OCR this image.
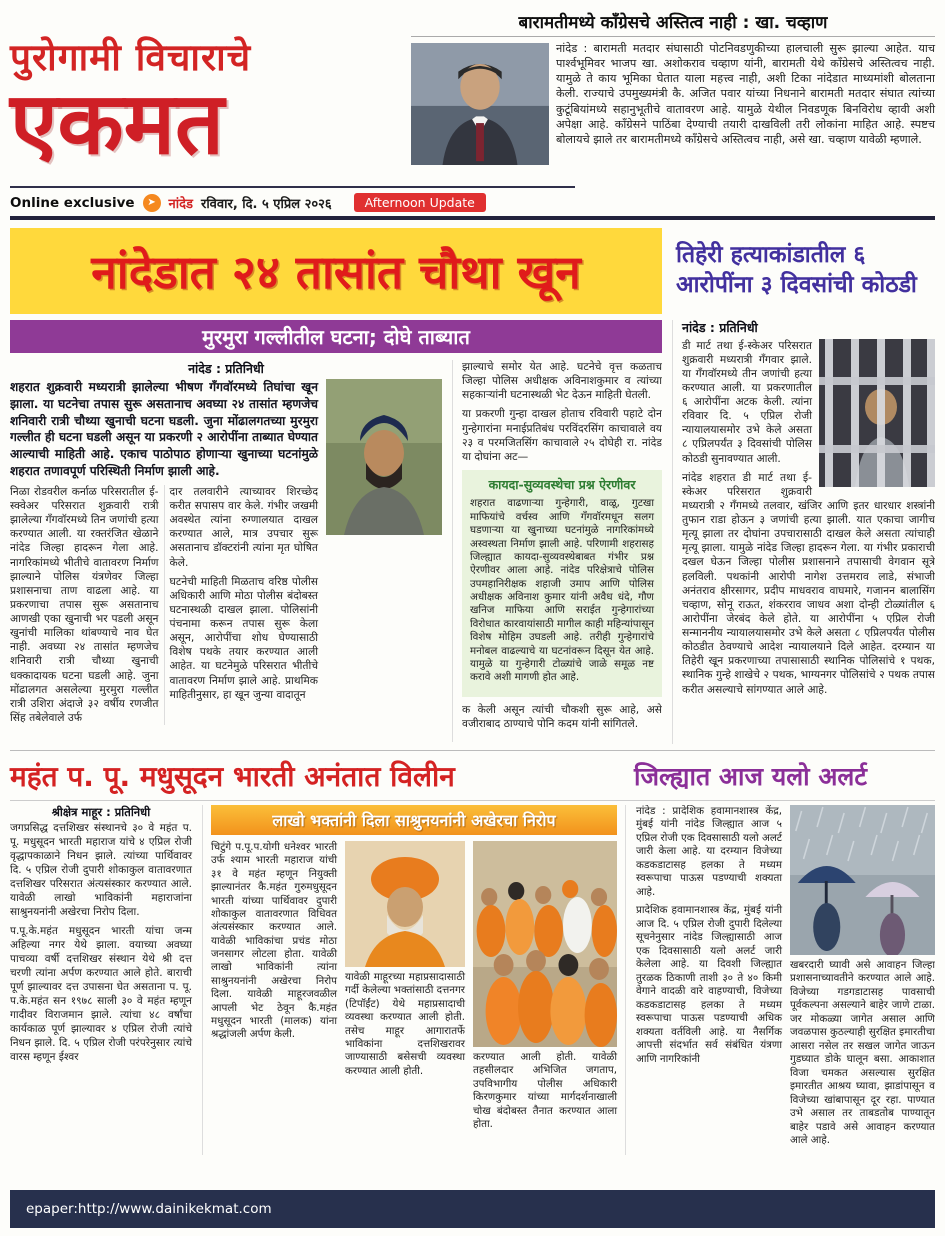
पुरोगामी विचाराचे
एकमत
बारामतीमध्ये कॉंग्रेसचे अस्तित्व नाही : खा. चव्हाण

नांदेड : बारामती मतदार संघासाठी पोटनिवडणुकीच्या हालचाली सुरू झाल्या आहेत. याच पार्श्वभूमिवर भाजप खा. अशोकराव चव्हाण यांनी, बारामती येथे कॉंग्रेसचे अस्तित्वच नाही. यामुळे ते काय भूमिका घेतात याला महत्त्व नाही, अशी टिका नांदेडात माध्यमांशी बोलताना केली. राज्याचे उपमुख्यमंत्री कै. अजित पवार यांच्या निधनाने बारामती मतदार संघात त्यांच्या कुटूंबियांमध्ये सहानुभूतीचे वातावरण आहे. यामुळे येथील निवडणूक बिनविरोध व्हावी अशी अपेक्षा आहे. कॉंग्रेसने पाठिंबा देण्याची तयारी दाखविली तरी लोकांना माहित आहे. स्पष्टच बोलायचे झाले तर बारामतीमध्ये कॉंग्रेसचे अस्तित्वच नाही, असे खा. चव्हाण यावेळी म्हणाले.

Online exclusive	➤ नांदेड रविवार, दि. ५ एप्रिल २०२६	Afternoon Update
नांदेडात २४ तासांत चौथा खून	तिहेरी हत्याकांडातील ६
आरोपींना ३ दिवसांची कोठडी
मुरमुरा गल्लीतील घटना; दोघे ताब्यात
नांदेड : प्रतिनिधी
शहरात शुक्रवारी मध्यरात्री झालेल्या भीषण गँगवॉरमध्ये तिघांचा खून झाला. या घटनेचा तपास सुरू असतानाच अवघ्या २४ तासांत म्हणजेच शनिवारी रात्री चौथ्या खुनाची घटना घडली. जुना मोंढालगतच्या मुरमुरा गल्लीत ही घटना घडली असून या प्रकरणी २ आरोपींना ताब्यात घेण्यात आल्याची माहिती आहे. एकाच पाठोपाठ होणाऱ्या खुनाच्या घटनांमुळे शहरात तणावपूर्ण परिस्थिती निर्माण झाली आहे.

निळा रोडवरील कर्नाळ परिसरातील ई-स्क्वेअर परिसरात शुक्रवारी रात्री झालेल्या गँगवॉरमध्ये तिन जणांची हत्या करण्यात आली. या रक्तरंजित खेळाने नांदेड जिल्हा हादरून गेला आहे. नागरिकांमध्ये भीतीचे वातावरण निर्माण झाल्याने पोलिस यंत्रणेवर जिल्हा प्रशासनाचा ताण वाढला आहे. या प्रकरणाचा तपास सुरू असतानाच आणखी एका खुनाची भर पडली असून खुनांची मालिका थांबण्याचे नाव घेत नाही. अवघ्या २४ तासांत म्हणजेच शनिवारी रात्री चौथ्या खुनाची धक्कादायक घटना घडली आहे. जुना मोंढालगत असलेल्या मुरमुरा गल्लीत रात्री उशिरा अंदाजे ३२ वर्षीय रणजीत सिंह तबेलेवाले उर्फ

दार तलवारीने त्याच्यावर शिरच्छेद करीत सपासप वार केले. गंभीर जखमी अवस्थेत त्यांना रुग्णालयात दाखल करण्यात आले, मात्र उपचार सुरू असतानाच डॉक्टरांनी त्यांना मृत घोषित केले.

घटनेची माहिती मिळताच वरिष्ठ पोलीस अधिकारी आणि मोठा पोलीस बंदोबस्त घटनास्थळी दाखल झाला. पोलिसांनी पंचनामा करून तपास सुरू केला असून, आरोपींचा शोध घेण्यासाठी विशेष पथके तयार करण्यात आली आहेत. या घटनेमुळे परिसरात भीतीचे वातावरण निर्माण झाले आहे. प्राथमिक माहितीनुसार, हा खून जुन्या वादातून

झाल्याचे समोर येत आहे. घटनेचे वृत्त कळताच जिल्हा पोलिस अधीक्षक अविनाशकुमार व त्यांच्या सहकाऱ्यांनी घटनास्थळी भेट देऊन माहिती घेतली.

या प्रकरणी गुन्हा दाखल होताच रविवारी पहाटे दोन गुन्हेगारांना मनाईप्रतिबंध परविंदरसिंग काचावाले वय २३ व परमजितसिंग काचावाले २५ दोघेही रा. नांदेड या दोघांना अट—

कायदा-सुव्यवस्थेचा प्रश्न ऐरणीवर

शहरात वाढणाऱ्या गुन्हेगारी, वाळू, गुटखा माफियांचे वर्चस्व आणि गँगवॉरमधून सलग घडणाऱ्या या खुनाच्या घटनांमुळे नागरिकांमध्ये अस्वस्थता निर्माण झाली आहे. परिणामी शहरासह जिल्ह्यात कायदा-सुव्यवस्थेबाबत गंभीर प्रश्न ऐरणीवर आला आहे. नांदेड परिक्षेत्राचे पोलिस उपमहानिरीक्षक शहाजी उमाप आणि पोलिस अधीक्षक अविनाश कुमार यांनी अवैध धंदे, गौण खनिज माफिया आणि सराईत गुन्हेगारांच्या विरोधात कारवायांसाठी मागील काही महिन्यांपासून विशेष मोहिम उघडली आहे. तरीही गुन्हेगारांचे मनोबल वाढल्याचे या घटनांवरून दिसून येत आहे. यामुळे या गुन्हेगारी टोळ्यांचे जाळे समूळ नष्ट करावे अशी मागणी होत आहे.

क केली असून त्यांची चौकशी सुरू आहे, असे वजीराबाद ठाण्याचे पोनि कदम यांनी सांगितले.

नांदेड : प्रतिनिधी

डी मार्ट तथा ई-स्केअर परिसरात शुक्रवारी मध्यरात्री गँगवार झाले. या गँगवॉरमध्ये तीन जणांची हत्या करण्यात आली. या प्रकरणातील ६ आरोपींना अटक केली. त्यांना रविवार दि. ५ एप्रिल रोजी न्यायालयासमोर उभे केले असता ८ एप्रिलपर्यंत ३ दिवसांची पोलिस कोठडी सुनावण्यात आली.

नांदेड शहरात डी मार्ट तथा ई-स्केअर परिसरात शुक्रवारी मध्यरात्री २ गँगमध्ये तलवार, खंजिर आणि इतर धारधार शस्त्रांनी तुफान राडा होऊन ३ जणांची हत्या झाली. यात एकाचा जागीच मृत्यू झाला तर दोघांना उपचारासाठी दाखल केले असता त्यांचाही मृत्यू झाला. यामुळे नांदेड जिल्हा हादरून गेला. या गंभीर प्रकाराची दखल घेऊन जिल्हा पोलीस प्रशासनाने तपासाची वेगवान सूत्रे हलविली. पथकांनी आरोपी नागेश उत्तमराव लाडे, संभाजी अनंतराव क्षीरसागर, प्रदीप माधवराव वाघमारे, गजानन बालासिंग चव्हाण, सोनू राऊत, शंकरराव जाधव अशा दोन्ही टोळ्यांतील ६ आरोपींना जेरबंद केले होते. या आरोपींना ५ एप्रिल रोजी सन्माननीय न्यायालयासमोर उभे केले असता ८ एप्रिलपर्यंत पोलीस कोठडीत ठेवण्याचे आदेश न्यायालयाने दिले आहेत. दरम्यान या तिहेरी खून प्रकरणाच्या तपासासाठी स्थानिक पोलिसांचे १ पथक, स्थानिक गुन्हे शाखेचे २ पथक, भाग्यनगर पोलिसांचे २ पथक तपास करीत असल्याचे सांगण्यात आले आहे.

महंत प. पू. मधुसूदन भारती अनंतात विलीन	जिल्ह्यात आज यलो अलर्ट
श्रीक्षेत्र माहूर : प्रतिनिधी

जगप्रसिद्ध दत्तशिखर संस्थानचे ३० वे महंत प. पू. मधुसूदन भारती महाराज यांचे ४ एप्रिल रोजी वृद्धापकाळाने निधन झाले. त्यांच्या पार्थिवावर दि. ५ एप्रिल रोजी दुपारी शोकाकुल वातावरणात दत्तशिखर परिसरात अंत्यसंस्कार करण्यात आले. यावेळी लाखो भाविकांनी महाराजांना साश्रुनयनांनी अखेरचा निरोप दिला.

प.पू.के.महंत मधुसूदन भारती यांचा जन्म अहिल्या नगर येथे झाला. वयाच्या अवघ्या पाचव्या वर्षी दत्तशिखर संस्थान येथे श्री दत्त चरणी त्यांना अर्पण करण्यात आले होते. बाराची पूर्ण झाल्यावर दत्त उपासना घेत असताना प. पू. प.के.महंत सन १९७८ साली ३० वे महंत म्हणून गादीवर विराजमान झाले. त्यांचा ४८ वर्षांचा कार्यकाळ पूर्ण झाल्यावर ४ एप्रिल रोजी त्यांचे निधन झाले. दि. ५ एप्रिल रोजी परंपरेनुसार त्यांचे वारस म्हणून ईश्वर

लाखो भक्तांनी दिला साश्रुनयनांनी अखेरचा निरोप

चिटुंगे प.पू.प.योगी धनेश्वर भारती उर्फ श्याम भारती महाराज यांची ३१ वे महंत म्हणून नियुक्ती झाल्यानंतर कै.महंत गुरुमधुसूदन भारती यांच्या पार्थिवावर दुपारी शोकाकुल वातावरणात विधिवत अंत्यसंस्कार करण्यात आले. यावेळी भाविकांचा प्रचंड मोठा जनसागर लोटला होता. यावेळी लाखो भाविकांनी त्यांना साश्रुनयनांनी अखेरचा निरोप दिला. यावेळी माहूरजवळील आपली भेट ठेवून कै.महंत मधुसूदन भारती (मालक) यांना श्रद्धांजली अर्पण केली.

यावेळी माहूरच्या महाप्रसादासाठी गर्दी केलेल्या भक्तांसाठी दत्तनगर (टिपॉईंट) येथे महाप्रसादाची व्यवस्था करण्यात आली होती. तसेच माहूर आगारातर्फे भाविकांना दत्तशिखरावर जाण्यासाठी बसेसची व्यवस्था करण्यात आली होती.

करण्यात आली होती. यावेळी तहसीलदार अभिजित जगताप, उपविभागीय पोलीस अधिकारी किरणकुमार यांच्या मार्गदर्शनाखाली चोख बंदोबस्त तैनात करण्यात आला होता.

नांदेड : प्रादेशिक हवामानशास्त्र केंद्र, मुंबई यांनी नांदेड जिल्ह्यात आज ५ एप्रिल रोजी एक दिवसासाठी यलो अलर्ट जारी केला आहे. या दरम्यान विजेच्या कडकडाटासह हलका ते मध्यम स्वरूपाचा पाऊस पडण्याची शक्यता आहे.

प्रादेशिक हवामानशास्त्र केंद्र, मुंबई यांनी आज दि. ५ एप्रिल रोजी दुपारी दिलेल्या सूचनेनुसार नांदेड जिल्ह्यासाठी आज एक दिवसासाठी यलो अलर्ट जारी केलेला आहे. या दिवशी जिल्ह्यात तुरळक ठिकाणी ताशी ३० ते ४० किमी वेगाने वादळी वारे वाहण्याची, विजेच्या कडकडाटासह हलका ते मध्यम स्वरूपाचा पाऊस पडण्याची अधिक शक्यता वर्तविली आहे. या नैसर्गिक आपत्ती संदर्भात सर्व संबंधित यंत्रणा आणि नागरिकांनी

खबरदारी घ्यावी असे आवाहन जिल्हा प्रशासनाच्यावतीने करण्यात आले आहे. विजेच्या गडगडाटासह पावसाची पूर्वकल्पना असल्याने बाहेर जाणे टाळा. जर मोकळ्या जागेत असाल आणि जवळपास कुठल्याही सुरक्षित इमारतीचा आसरा नसेल तर सखल जागेत जाऊन गुडघ्यात डोके घालून बसा. आकाशात विजा चमकत असल्यास सुरक्षित इमारतीत आश्रय घ्यावा, झाडांपासून व विजेच्या खांबापासून दूर रहा. पाण्यात उभे असाल तर ताबडतोब पाण्यातून बाहेर पडावे असे आवाहन करण्यात आले आहे.

epaper:http://www.dainikekmat.com
